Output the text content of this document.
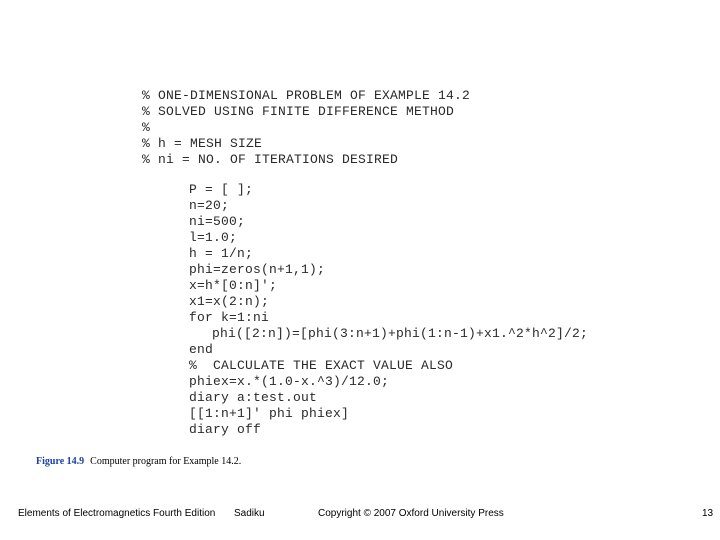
% ONE-DIMENSIONAL PROBLEM OF EXAMPLE 14.2
% SOLVED USING FINITE DIFFERENCE METHOD
%
% h = MESH SIZE
% ni = NO. OF ITERATIONS DESIRED
P = [ ];
n=20;
ni=500;
l=1.0;
h = 1/n;
phi=zeros(n+1,1);
x=h*[0:n]';
x1=x(2:n);
for k=1:ni
phi([2:n])=[phi(3:n+1)+phi(1:n-1)+x1.^2*h^2]/2;
end
%  CALCULATE THE EXACT VALUE ALSO
phiex=x.*(1.0-x.^3)/12.0;
diary a:test.out
[[1:n+1]' phi phiex]
diary off
Figure 14.9 Computer program for Example 14.2.
Elements of Electromagnetics Fourth Edition Sadiku	Copyright © 2007 Oxford University Press	13
